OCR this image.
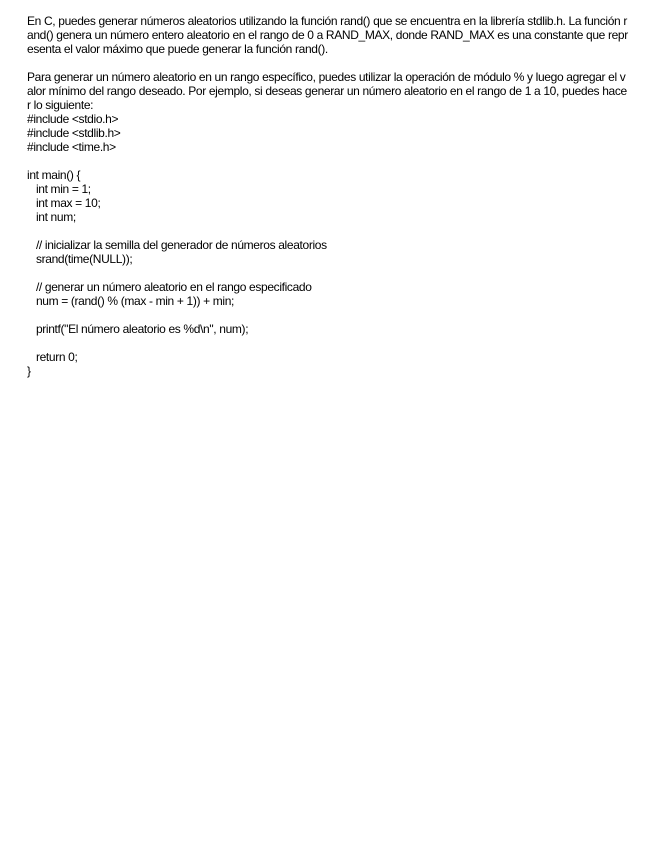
En C, puedes generar números aleatorios utilizando la función rand() que se encuentra en la librería stdlib.h. La función rand() genera un número entero aleatorio en el rango de 0 a RAND_MAX, donde RAND_MAX es una constante que representa el valor máximo que puede generar la función rand().

Para generar un número aleatorio en un rango específico, puedes utilizar la operación de módulo % y luego agregar el valor mínimo del rango deseado. Por ejemplo, si deseas generar un número aleatorio en el rango de 1 a 10, puedes hacer lo siguiente:

#include <stdio.h>
#include <stdlib.h>
#include <time.h>
int main() {
int min = 1;
int max = 10;
int num;
// inicializar la semilla del generador de números aleatorios
srand(time(NULL));
// generar un número aleatorio en el rango especificado
num = (rand() % (max - min + 1)) + min;
printf("El número aleatorio es %d\n", num);
return 0;
}
